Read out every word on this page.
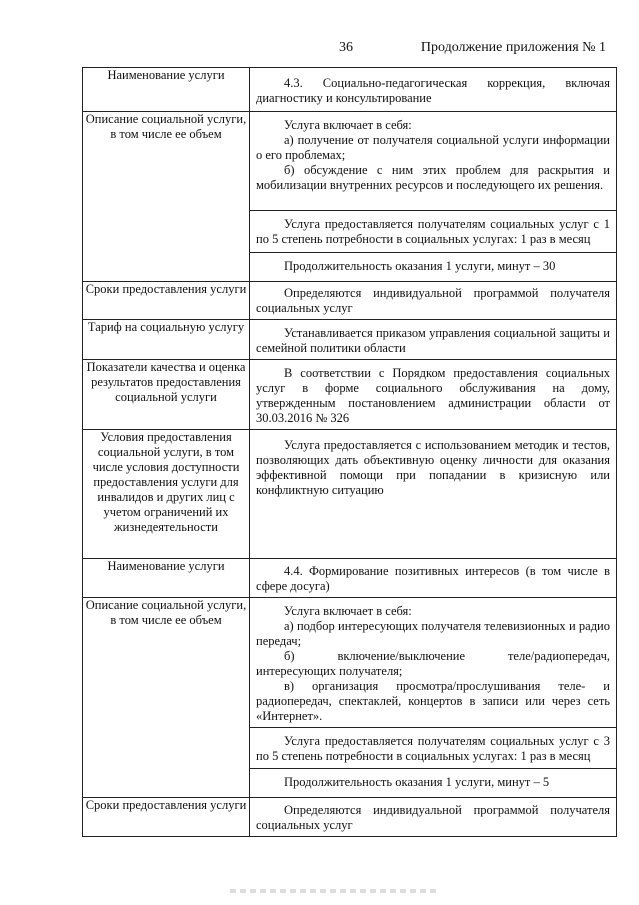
36	Продолжение приложения № 1
Наименование услуги	4.3. Социально-педагогическая коррекция, включая диагностику и консультирование

Описание социальной услуги, в том числе ее объем	Услуга включает в себя:

а) получение от получателя социальной услуги информации о его проблемах;

б) обсуждение с ним этих проблем для раскрытия и мобилизации внутренних ресурсов и последующего их решения.

	Услуга предоставляется получателям социальных услуг с 1 по 5 степень потребности в социальных услугах: 1 раз в месяц

	Продолжительность оказания 1 услуги, минут – 30

Сроки предоставления услуги	Определяются индивидуальной программой получателя социальных услуг

Тариф на социальную услугу	Устанавливается приказом управления социальной защиты и семейной политики области

Показатели качества и оценка результатов предоставления социальной услуги	В соответствии с Порядком предоставления социальных услуг в форме социального обслуживания на дому, утвержденным постановлением администрации области от 30.03.2016 № 326

Условия предоставления социальной услуги, в том числе условия доступности предоставления услуги для инвалидов и других лиц с учетом ограничений их жизнедеятельности	Услуга предоставляется с использованием методик и тестов, позволяющих дать объективную оценку личности для оказания эффективной помощи при попадании в кризисную или конфликтную ситуацию

Наименование услуги	4.4. Формирование позитивных интересов (в том числе в сфере досуга)

Описание социальной услуги, в том числе ее объем	Услуга включает в себя:

а) подбор интересующих получателя телевизионных и радио передач;

б) включение/выключение теле/радиопередач, интересующих получателя;

в) организация просмотра/прослушивания теле- и радиопередач, спектаклей, концертов в записи или через сеть «Интернет».

	Услуга предоставляется получателям социальных услуг с 3 по 5 степень потребности в социальных услугах: 1 раз в месяц

	Продолжительность оказания 1 услуги, минут – 5

Сроки предоставления услуги	Определяются индивидуальной программой получателя социальных услуг
